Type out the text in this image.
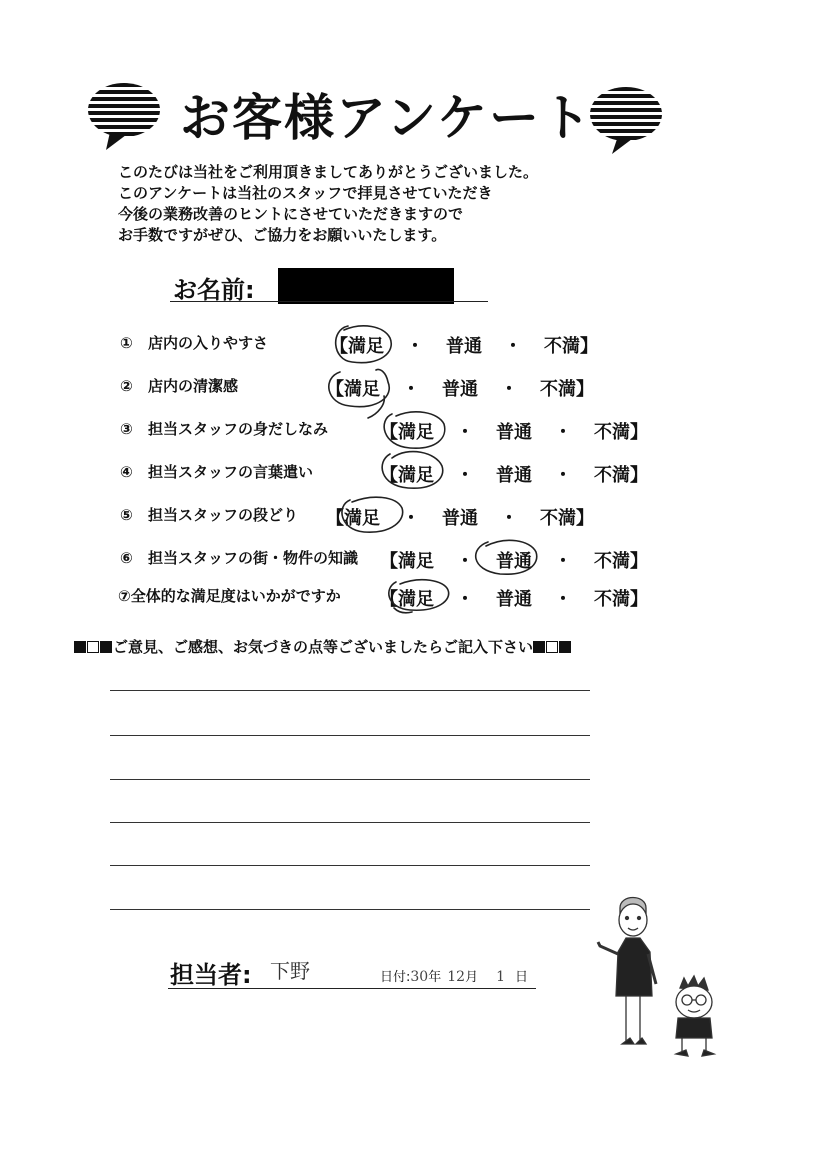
お客様アンケート
このたびは当社をご利用頂きましてありがとうございました。
このアンケートは当社のスタッフで拝見させていただき
今後の業務改善のヒントにさせていただきますので
お手数ですがぜひ、ご協力をお願いいたします。
お名前:
① 店内の入りやすさ	【満足 ・ 普通 ・ 不満】
② 店内の清潔感	【満足 ・ 普通 ・ 不満】
③ 担当スタッフの身だしなみ	【満足 ・ 普通 ・ 不満】
④ 担当スタッフの言葉遣い	【満足 ・ 普通 ・ 不満】
⑤ 担当スタッフの段どり 【満足 ・ 普通 ・ 不満】
⑥ 担当スタッフの街・物件の知識 【満足 ・ 普通 ・ 不満】
⑦全体的な満足度はいかがですか 【満足 ・ 普通 ・ 不満】
ご意見、ご感想、お気づきの点等ございましたらご記入下さい
担当者: 下野	日付:30年 12月 1 日
